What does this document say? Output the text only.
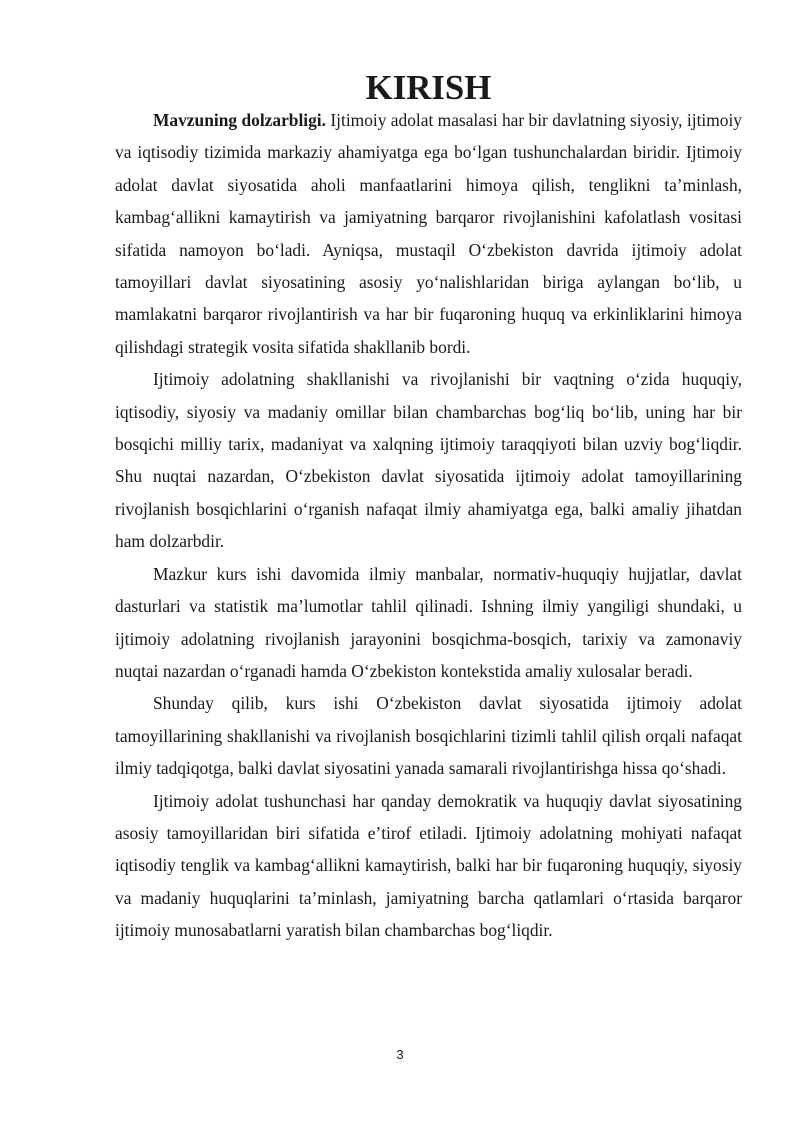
KIRISH

Mavzuning dolzarbligi. Ijtimoiy adolat masalasi har bir davlatning siyosiy, ijtimoiy va iqtisodiy tizimida markaziy ahamiyatga ega boʻlgan tushunchalardan biridir. Ijtimoiy adolat davlat siyosatida aholi manfaatlarini himoya qilish, tenglikni taʼminlash, kambagʻallikni kamaytirish va jamiyatning barqaror rivojlanishini kafolatlash vositasi sifatida namoyon boʻladi. Ayniqsa, mustaqil Oʻzbekiston davrida ijtimoiy adolat tamoyillari davlat siyosatining asosiy yoʻnalishlaridan biriga aylangan boʻlib, u mamlakatni barqaror rivojlantirish va har bir fuqaroning huquq va erkinliklarini himoya qilishdagi strategik vosita sifatida shakllanib bordi.

Ijtimoiy adolatning shakllanishi va rivojlanishi bir vaqtning oʻzida huquqiy, iqtisodiy, siyosiy va madaniy omillar bilan chambarchas bogʻliq boʻlib, uning har bir bosqichi milliy tarix, madaniyat va xalqning ijtimoiy taraqqiyoti bilan uzviy bogʻliqdir. Shu nuqtai nazardan, Oʻzbekiston davlat siyosatida ijtimoiy adolat tamoyillarining rivojlanish bosqichlarini oʻrganish nafaqat ilmiy ahamiyatga ega, balki amaliy jihatdan ham dolzarbdir.

Mazkur kurs ishi davomida ilmiy manbalar, normativ-huquqiy hujjatlar, davlat dasturlari va statistik maʼlumotlar tahlil qilinadi. Ishning ilmiy yangiligi shundaki, u ijtimoiy adolatning rivojlanish jarayonini bosqichma-bosqich, tarixiy va zamonaviy nuqtai nazardan oʻrganadi hamda Oʻzbekiston kontekstida amaliy xulosalar beradi.

Shunday qilib, kurs ishi Oʻzbekiston davlat siyosatida ijtimoiy adolat tamoyillarining shakllanishi va rivojlanish bosqichlarini tizimli tahlil qilish orqali nafaqat ilmiy tadqiqotga, balki davlat siyosatini yanada samarali rivojlantirishga hissa qoʻshadi.

Ijtimoiy adolat tushunchasi har qanday demokratik va huquqiy davlat siyosatining asosiy tamoyillaridan biri sifatida eʼtirof etiladi. Ijtimoiy adolatning mohiyati nafaqat iqtisodiy tenglik va kambagʻallikni kamaytirish, balki har bir fuqaroning huquqiy, siyosiy va madaniy huquqlarini taʼminlash, jamiyatning barcha qatlamlari oʻrtasida barqaror ijtimoiy munosabatlarni yaratish bilan chambarchas bogʻliqdir.

3
